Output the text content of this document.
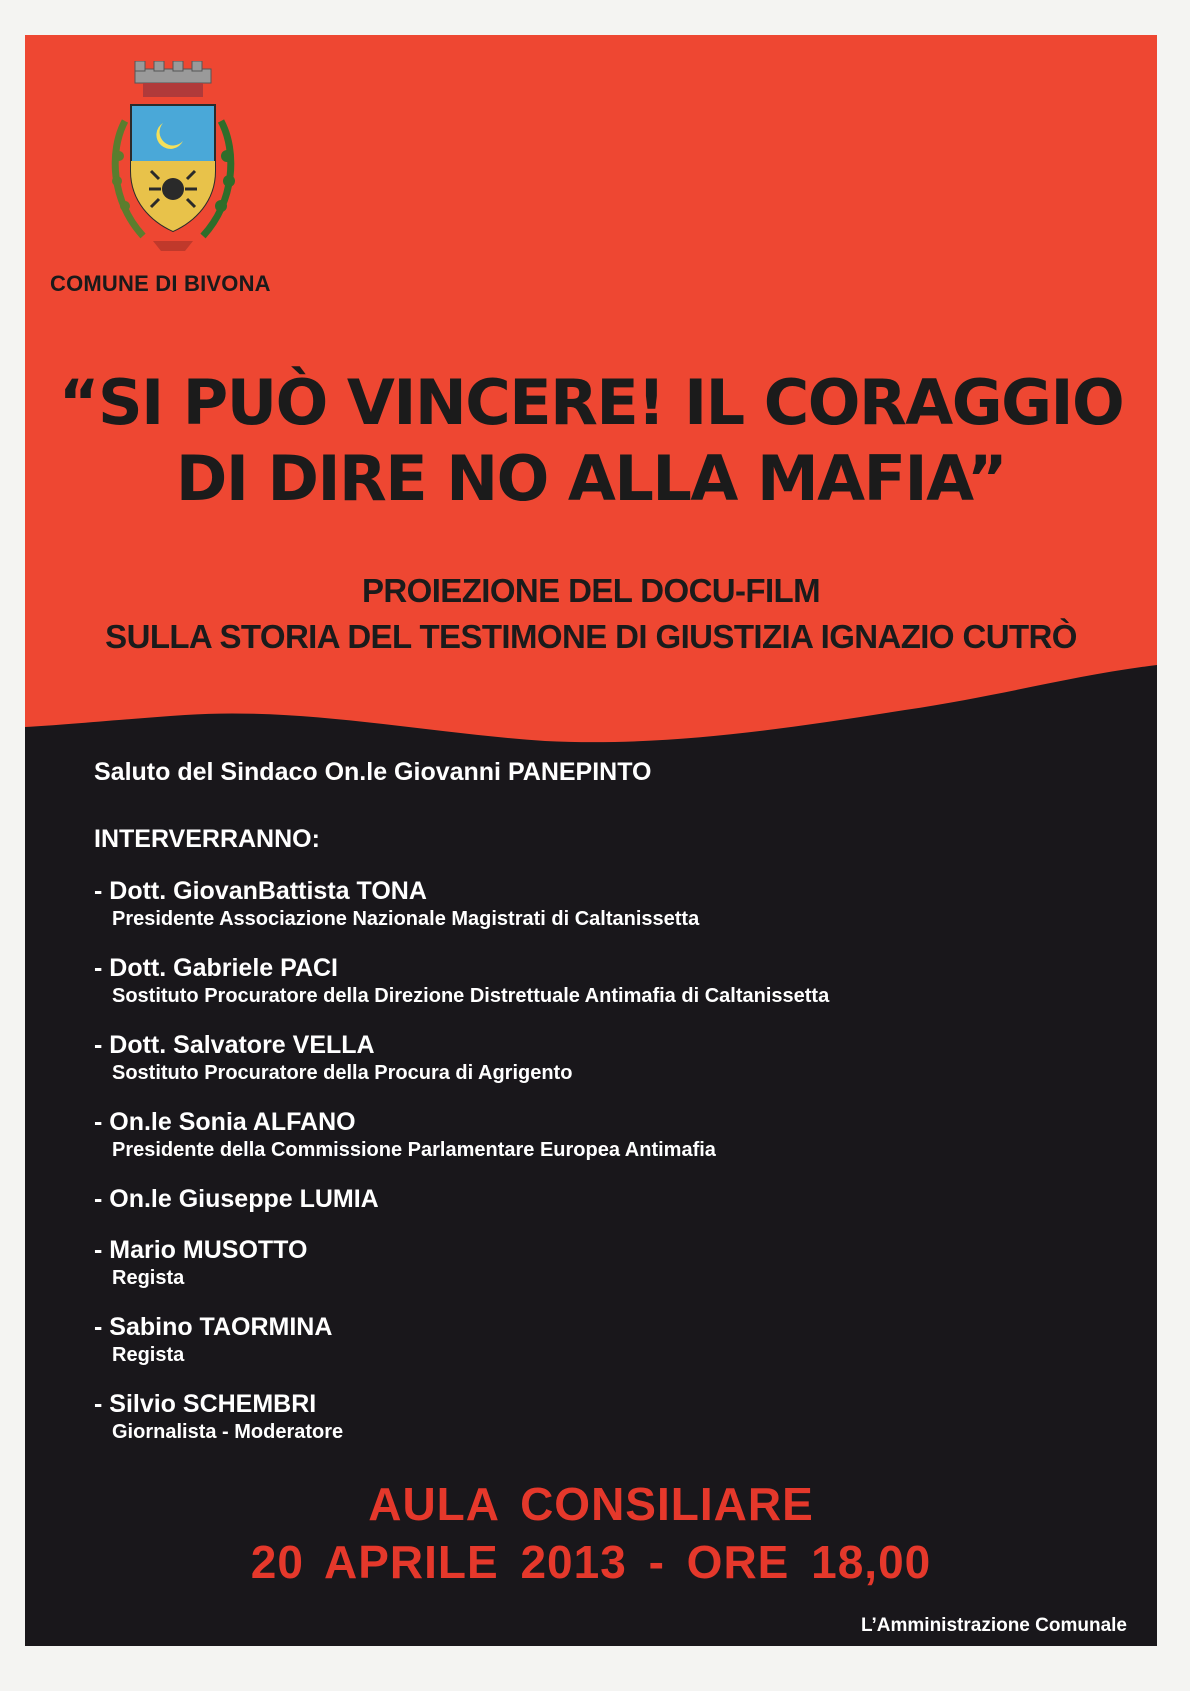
COMUNE DI BIVONA
“SI PUÒ VINCERE! IL CORAGGIO
DI DIRE NO ALLA MAFIA”
PROIEZIONE DEL DOCU-FILM
SULLA STORIA DEL TESTIMONE DI GIUSTIZIA IGNAZIO CUTRÒ
Saluto del Sindaco On.le Giovanni PANEPINTO
INTERVERRANNO:
- Dott. GiovanBattista TONA
Presidente Associazione Nazionale Magistrati di Caltanissetta
- Dott. Gabriele PACI
Sostituto Procuratore della Direzione Distrettuale Antimafia di Caltanissetta
- Dott. Salvatore VELLA
Sostituto Procuratore della Procura di Agrigento
- On.le Sonia ALFANO
Presidente della Commissione Parlamentare Europea Antimafia
- On.le Giuseppe LUMIA
- Mario MUSOTTO
Regista
- Sabino TAORMINA
Regista
- Silvio SCHEMBRI
Giornalista - Moderatore
AULA CONSILIARE
20 APRILE 2013 - ORE 18,00
L’Amministrazione Comunale
